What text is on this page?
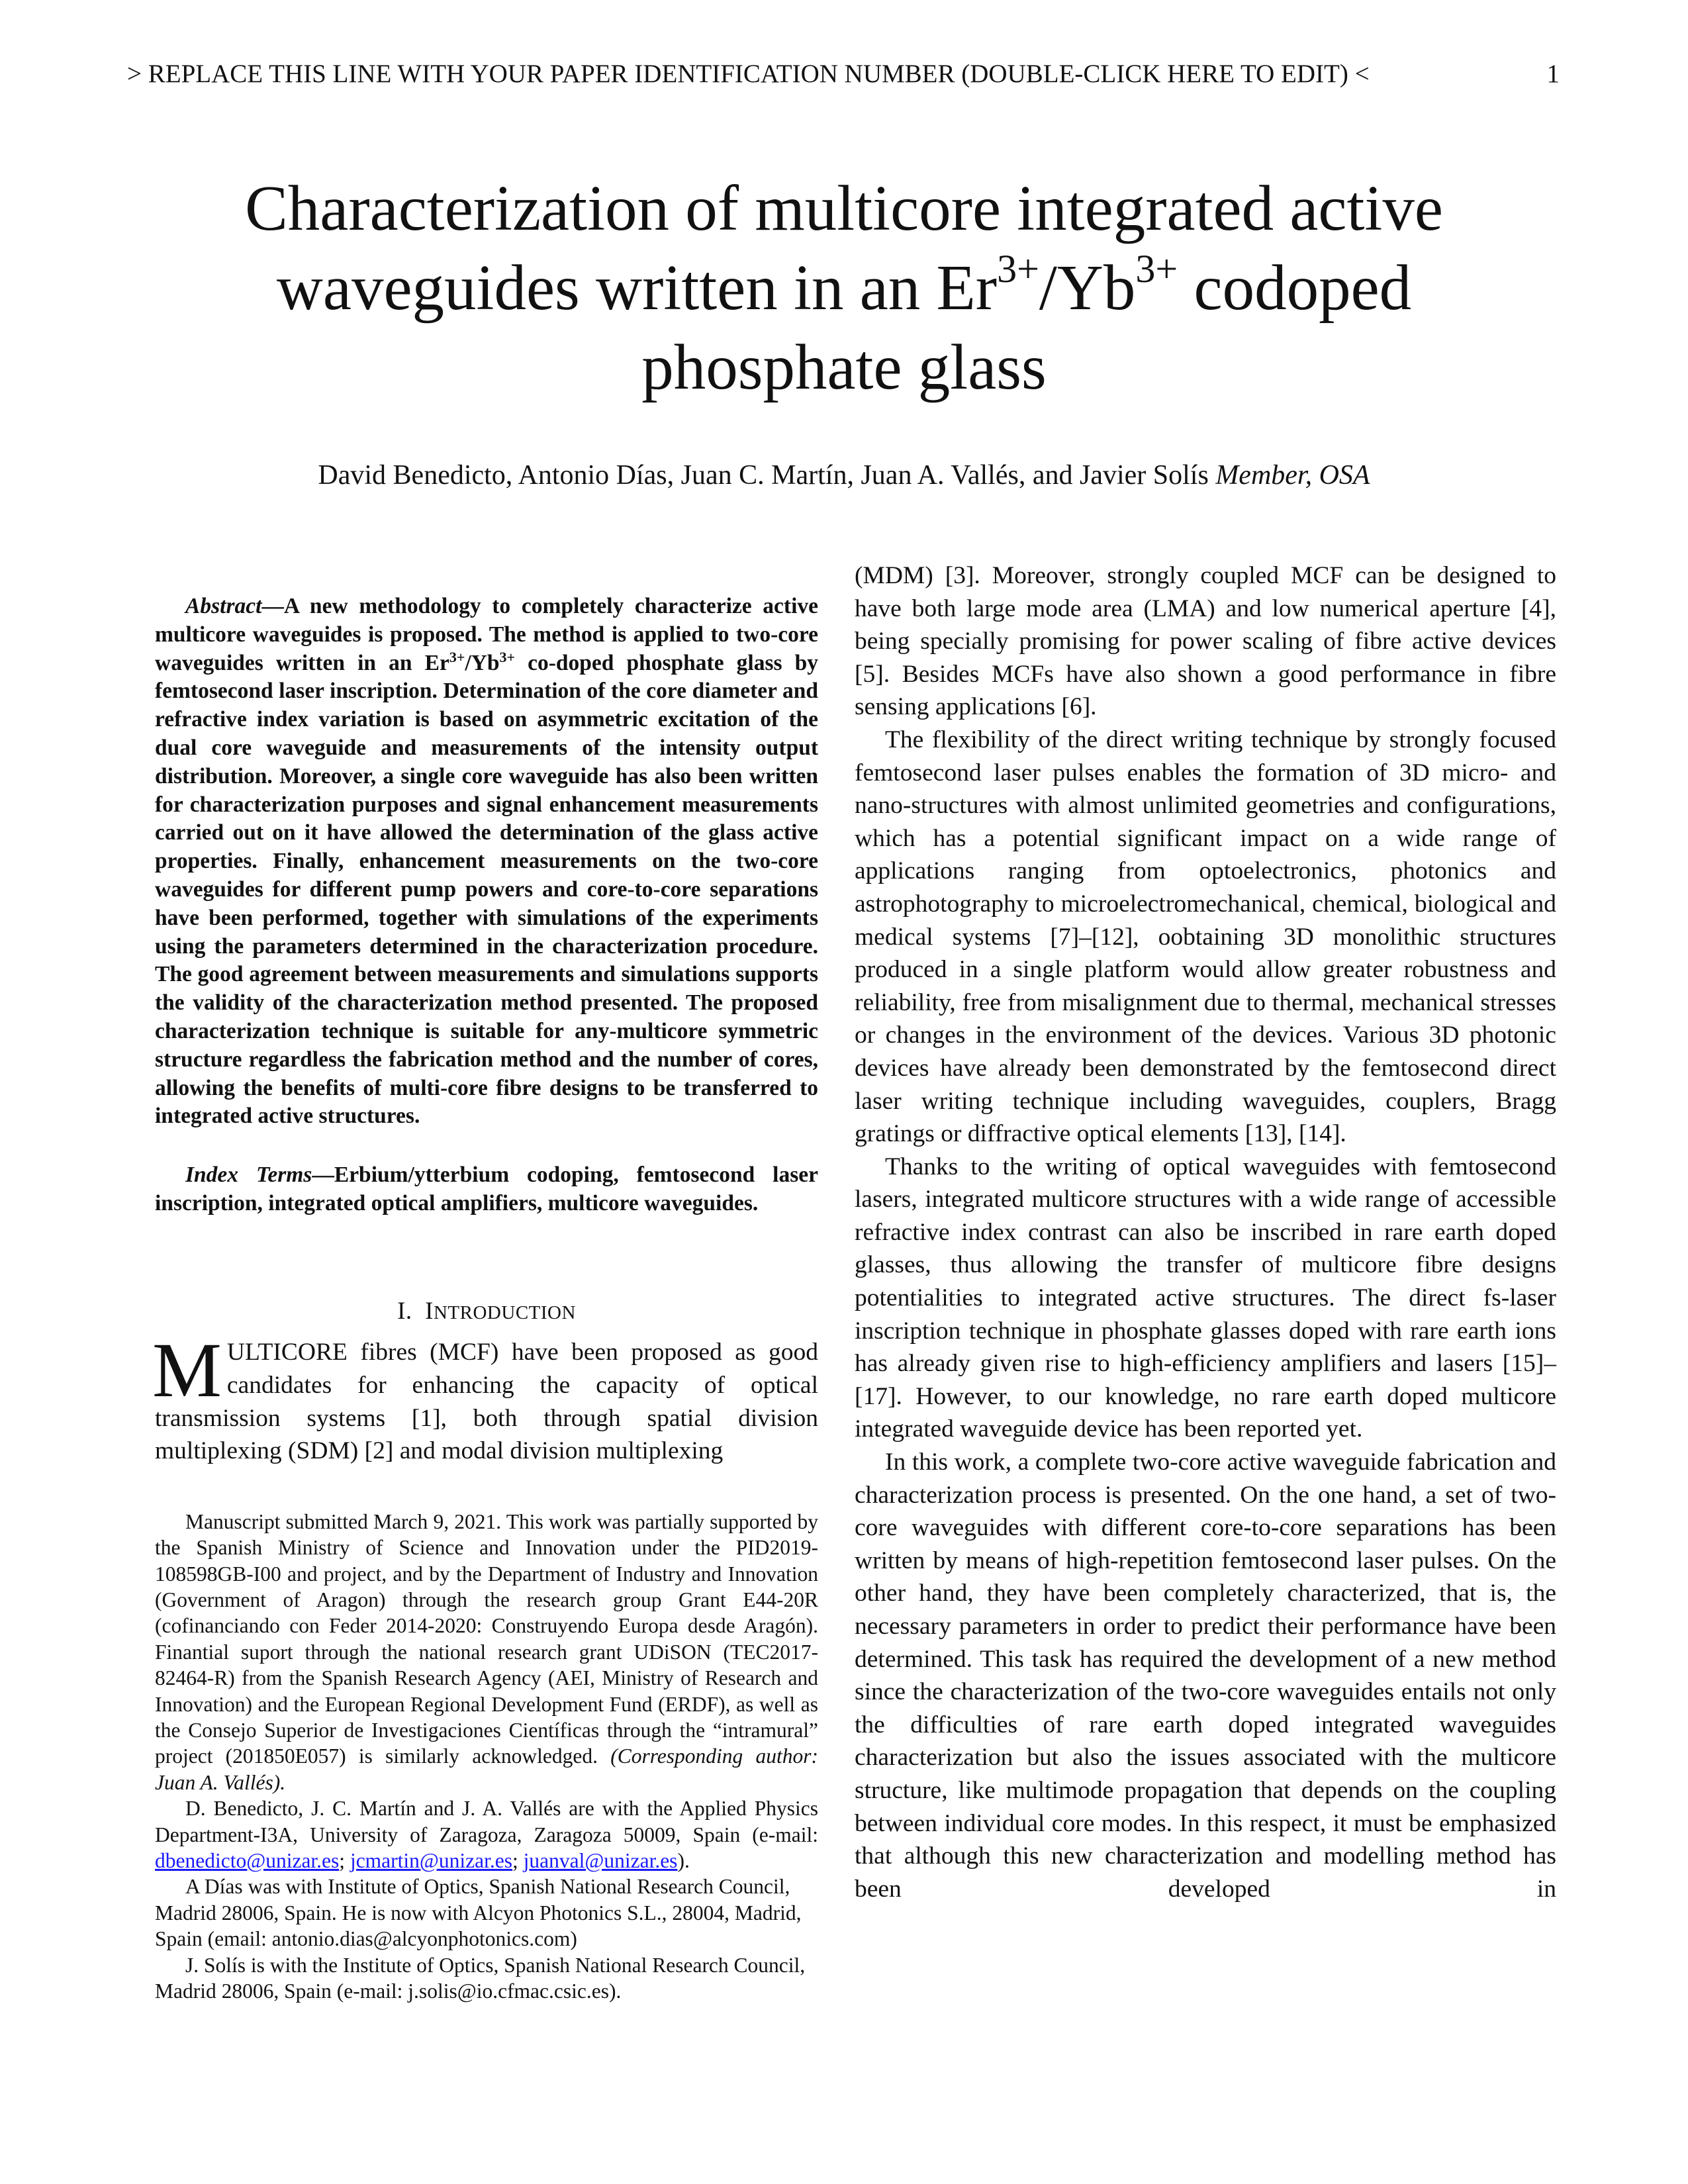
> REPLACE THIS LINE WITH YOUR PAPER IDENTIFICATION NUMBER (DOUBLE-CLICK HERE TO EDIT) <	1
Characterization of multicore integrated active
waveguides written in an $Er^{3+}/Yb^{3+}$ codoped
phosphate glass
David Benedicto, Antonio Días, Juan C. Martín, Juan A. Vallés, and Javier Solís Member, OSA

Abstract—A new methodology to completely characterize active multicore waveguides is proposed. The method is applied to two-core waveguides written in an $Er^{3+}/Yb^{3+}$ co-doped phosphate glass by femtosecond laser inscription. Determination of the core diameter and refractive index variation is based on asymmetric excitation of the dual core waveguide and measurements of the intensity output distribution. Moreover, a single core waveguide has also been written for characterization purposes and signal enhancement measurements carried out on it have allowed the determination of the glass active properties. Finally, enhancement measurements on the two-core waveguides for different pump powers and core-to-core separations have been performed, together with simulations of the experiments using the parameters determined in the characterization procedure. The good agreement between measurements and simulations supports the validity of the characterization method presented. The proposed characterization technique is suitable for any-multicore symmetric structure regardless the fabrication method and the number of cores, allowing the benefits of multi-core fibre designs to be transferred to integrated active structures.

Index Terms—Erbium/ytterbium codoping, femtosecond laser inscription, integrated optical amplifiers, multicore waveguides.

I. INTRODUCTION

MULTICORE fibres (MCF) have been proposed as good candidates for enhancing the capacity of optical transmission systems [1], both through spatial division multiplexing (SDM) [2] and modal division multiplexing

Manuscript submitted March 9, 2021. This work was partially supported by the Spanish Ministry of Science and Innovation under the PID2019-108598GB-I00 and project, and by the Department of Industry and Innovation (Government of Aragon) through the research group Grant E44-20R (cofinanciando con Feder 2014-2020: Construyendo Europa desde Aragón). Finantial suport through the national research grant UDiSON (TEC2017-82464-R) from the Spanish Research Agency (AEI, Ministry of Research and Innovation) and the European Regional Development Fund (ERDF), as well as the Consejo Superior de Investigaciones Científicas through the “intramural” project (201850E057) is similarly acknowledged. (Corresponding author: Juan A. Vallés).

D. Benedicto, J. C. Martín and J. A. Vallés are with the Applied Physics Department-I3A, University of Zaragoza, Zaragoza 50009, Spain (e-mail: dbenedicto@unizar.es; jcmartin@unizar.es; juanval@unizar.es).

A Días was with Institute of Optics, Spanish National Research Council, Madrid 28006, Spain. He is now with Alcyon Photonics S.L., 28004, Madrid, Spain (email: antonio.dias@alcyonphotonics.com)

J. Solís is with the Institute of Optics, Spanish National Research Council, Madrid 28006, Spain (e-mail: j.solis@io.cfmac.csic.es).

(MDM) [3]. Moreover, strongly coupled MCF can be designed to have both large mode area (LMA) and low numerical aperture [4], being specially promising for power scaling of fibre active devices [5]. Besides MCFs have also shown a good performance in fibre sensing applications [6].

The flexibility of the direct writing technique by strongly focused femtosecond laser pulses enables the formation of 3D micro- and nano-structures with almost unlimited geometries and configurations, which has a potential significant impact on a wide range of applications ranging from optoelectronics, photonics and astrophotography to microelectromechanical, chemical, biological and medical systems [7]–[12], oobtaining 3D monolithic structures produced in a single platform would allow greater robustness and reliability, free from misalignment due to thermal, mechanical stresses or changes in the environment of the devices. Various 3D photonic devices have already been demonstrated by the femtosecond direct laser writing technique including waveguides, couplers, Bragg gratings or diffractive optical elements [13], [14].

Thanks to the writing of optical waveguides with femtosecond lasers, integrated multicore structures with a wide range of accessible refractive index contrast can also be inscribed in rare earth doped glasses, thus allowing the transfer of multicore fibre designs potentialities to integrated active structures. The direct fs-laser inscription technique in phosphate glasses doped with rare earth ions has already given rise to high-efficiency amplifiers and lasers [15]–[17]. However, to our knowledge, no rare earth doped multicore integrated waveguide device has been reported yet.

In this work, a complete two-core active waveguide fabrication and characterization process is presented. On the one hand, a set of two-core waveguides with different core-to-core separations has been written by means of high-repetition femtosecond laser pulses. On the other hand, they have been completely characterized, that is, the necessary parameters in order to predict their performance have been determined. This task has required the development of a new method since the characterization of the two-core waveguides entails not only the difficulties of rare earth doped integrated waveguides characterization but also the issues associated with the multicore structure, like multimode propagation that depends on the coupling between individual core modes. In this respect, it must be emphasized that although this new characterization and modelling method has been developed in
